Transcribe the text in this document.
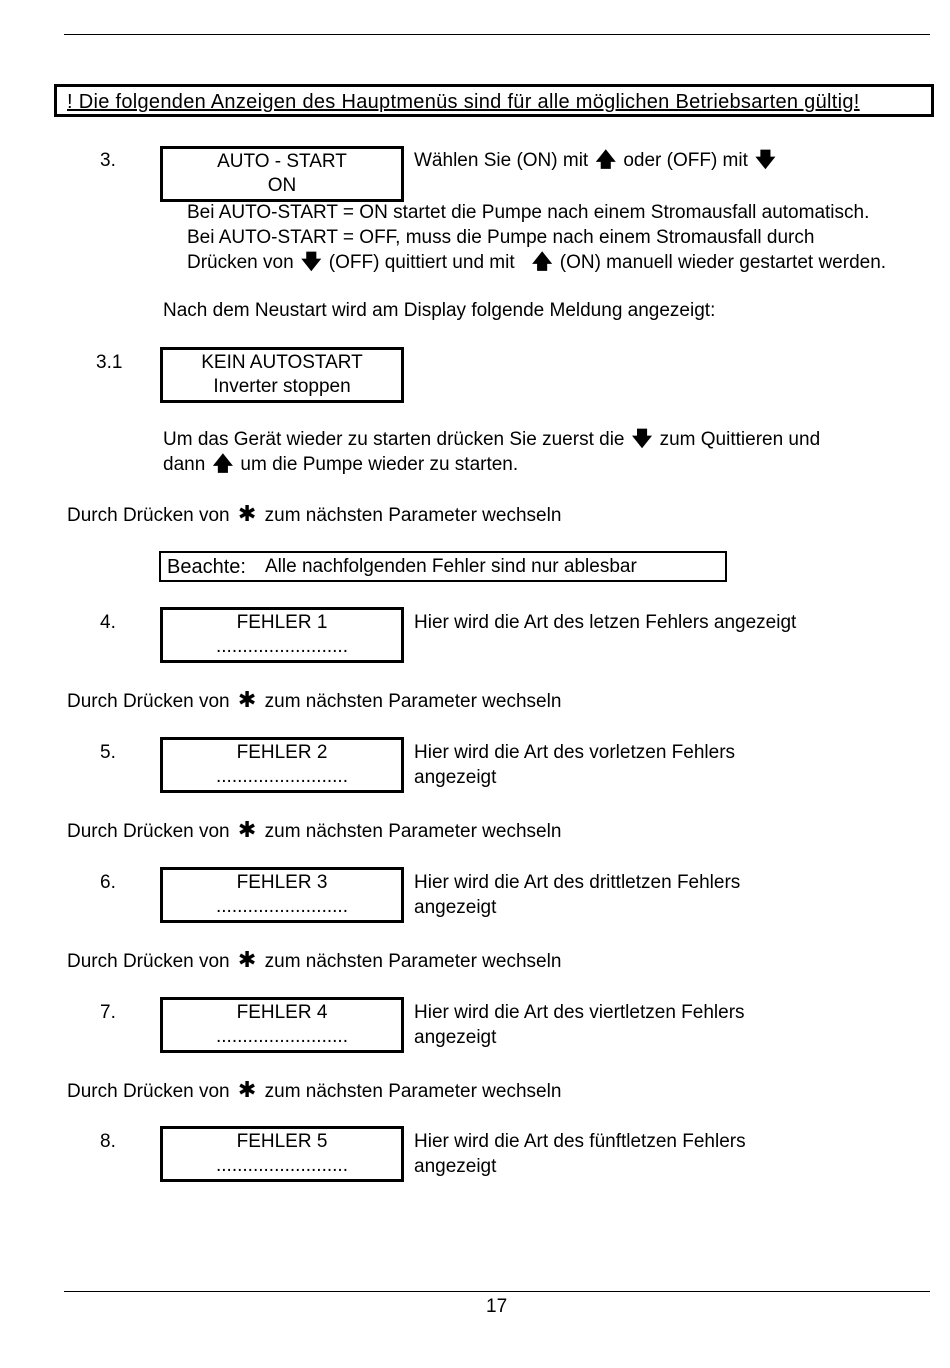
! Die folgenden Anzeigen des Hauptmenüs sind für alle möglichen Betriebsarten gültig!
3.	AUTO - START
ON
Wählen Sie (ON) mit 🡅 oder (OFF) mit 🡇
Bei AUTO-START = ON startet die Pumpe nach einem Stromausfall automatisch.
Bei AUTO-START = OFF, muss die Pumpe nach einem Stromausfall durch
Drücken von 🡇 (OFF) quittiert und mit 🡅 (ON) manuell wieder gestartet werden.
Nach dem Neustart wird am Display folgende Meldung angezeigt:
3.1	KEIN AUTOSTART
Inverter stoppen
Um das Gerät wieder zu starten drücken Sie zuerst die 🡇 zum Quittieren und
dann 🡅 um die Pumpe wieder zu starten.
Durch Drücken von ✱ zum nächsten Parameter wechseln
Beachte: Alle nachfolgenden Fehler sind nur ablesbar
4.	FEHLER 1
.........................
Hier wird die Art des letzen Fehlers angezeigt
Durch Drücken von ✱ zum nächsten Parameter wechseln
5.	FEHLER 2
.........................
Hier wird die Art des vorletzen Fehlers
angezeigt
Durch Drücken von ✱ zum nächsten Parameter wechseln
6.	FEHLER 3
.........................
Hier wird die Art des drittletzen Fehlers
angezeigt
Durch Drücken von ✱ zum nächsten Parameter wechseln
7.	FEHLER 4
.........................
Hier wird die Art des viertletzen Fehlers
angezeigt
Durch Drücken von ✱ zum nächsten Parameter wechseln
8.	FEHLER 5
.........................
Hier wird die Art des fünftletzen Fehlers
angezeigt
17
